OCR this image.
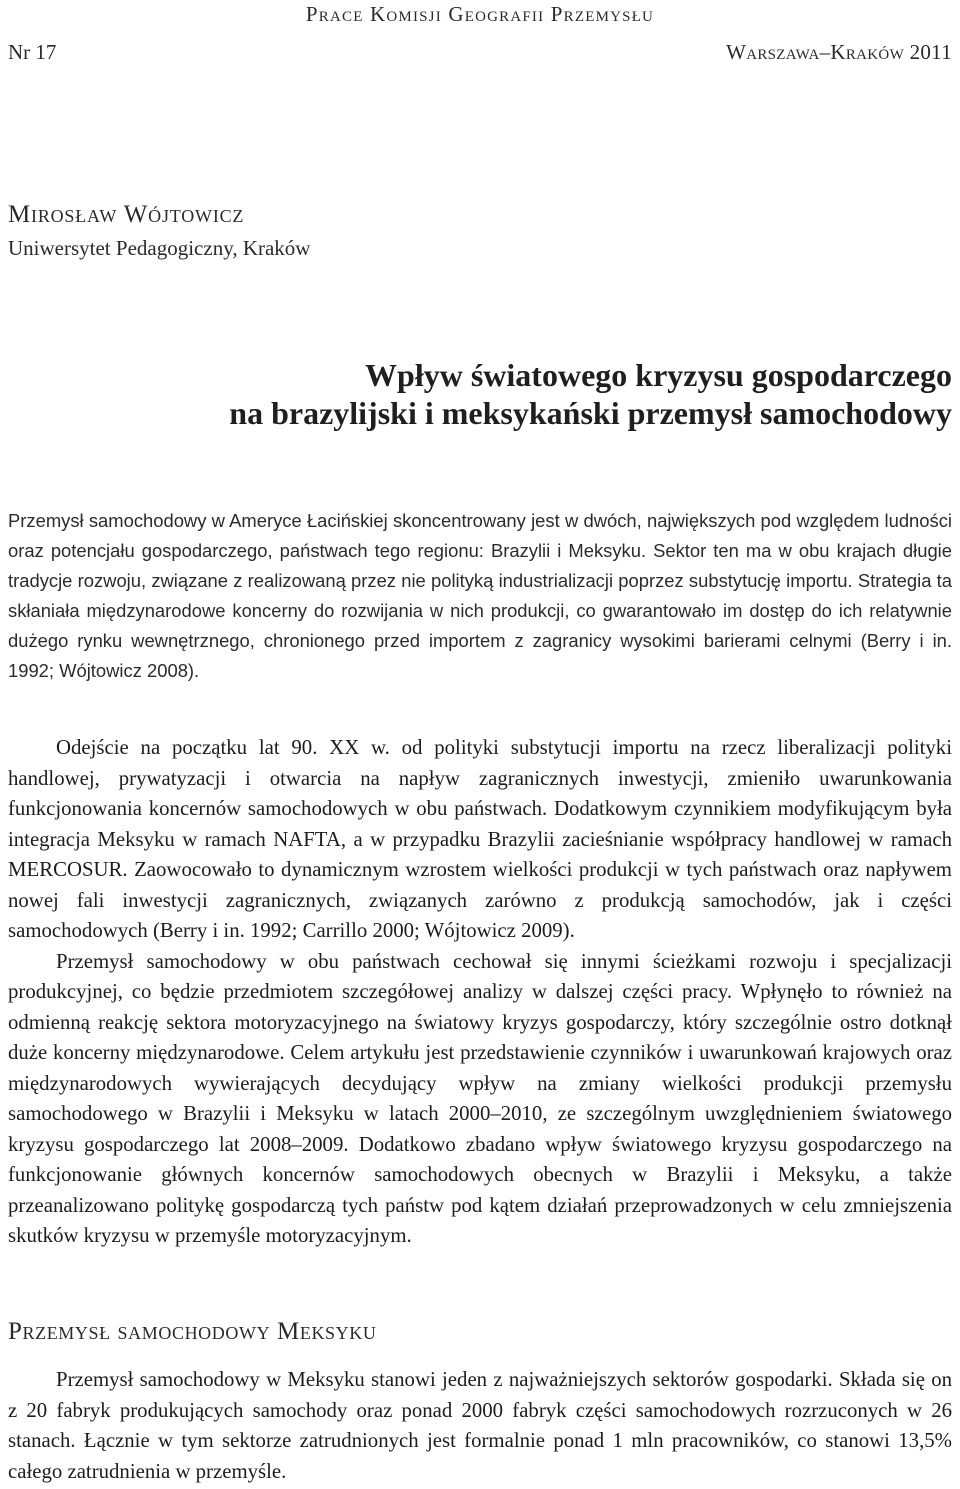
Prace Komisji Geografii Przemysłu
Nr 17	Warszawa–Kraków 2011
Mirosław Wójtowicz
Uniwersytet Pedagogiczny, Kraków
Wpływ światowego kryzysu gospodarczego
na brazylijski i meksykański przemysł samochodowy
Przemysł samochodowy w Ameryce Łacińskiej skoncentrowany jest w dwóch, największych pod względem ludności oraz potencjału gospodarczego, państwach tego regionu: Brazylii i Meksyku. Sektor ten ma w obu krajach długie tradycje rozwoju, związane z realizowaną przez nie polityką industrializacji poprzez substytucję importu. Strategia ta skłaniała międzynarodowe koncerny do rozwijania w nich produkcji, co gwarantowało im dostęp do ich relatywnie dużego rynku wewnętrznego, chronionego przed importem z zagranicy wysokimi barierami celnymi (Berry i in. 1992; Wójtowicz 2008).

Odejście na początku lat 90. XX w. od polityki substytucji importu na rzecz liberalizacji polityki handlowej, prywatyzacji i otwarcia na napływ zagranicznych inwestycji, zmieniło uwarunkowania funkcjonowania koncernów samochodowych w obu państwach. Dodatkowym czynnikiem modyfikującym była integracja Meksyku w ramach NAFTA, a w przypadku Brazylii zacieśnianie współpracy handlowej w ramach MERCOSUR. Zaowocowało to dynamicznym wzrostem wielkości produkcji w tych państwach oraz napływem nowej fali inwestycji zagranicznych, związanych zarówno z produkcją samochodów, jak i części samochodowych (Berry i in. 1992; Carrillo 2000; Wójtowicz 2009).

Przemysł samochodowy w obu państwach cechował się innymi ścieżkami rozwoju i specjalizacji produkcyjnej, co będzie przedmiotem szczegółowej analizy w dalszej części pracy. Wpłynęło to również na odmienną reakcję sektora motoryzacyjnego na światowy kryzys gospodarczy, który szczególnie ostro dotknął duże koncerny międzynarodowe. Celem artykułu jest przedstawienie czynników i uwarunkowań krajowych oraz międzynarodowych wywierających decydujący wpływ na zmiany wielkości produkcji przemysłu samochodowego w Brazylii i Meksyku w latach 2000–2010, ze szczególnym uwzględnieniem światowego kryzysu gospodarczego lat 2008–2009. Dodatkowo zbadano wpływ światowego kryzysu gospodarczego na funkcjonowanie głównych koncernów samochodowych obecnych w Brazylii i Meksyku, a także przeanalizowano politykę gospodarczą tych państw pod kątem działań przeprowadzonych w celu zmniejszenia skutków kryzysu w przemyśle motoryzacyjnym.

Przemysł samochodowy Meksyku

Przemysł samochodowy w Meksyku stanowi jeden z najważniejszych sektorów gospodarki. Składa się on z 20 fabryk produkujących samochody oraz ponad 2000 fabryk części samochodowych rozrzuconych w 26 stanach. Łącznie w tym sektorze zatrudnionych jest formalnie ponad 1 mln pracowników, co stanowi 13,5% całego zatrudnienia w przemyśle.
